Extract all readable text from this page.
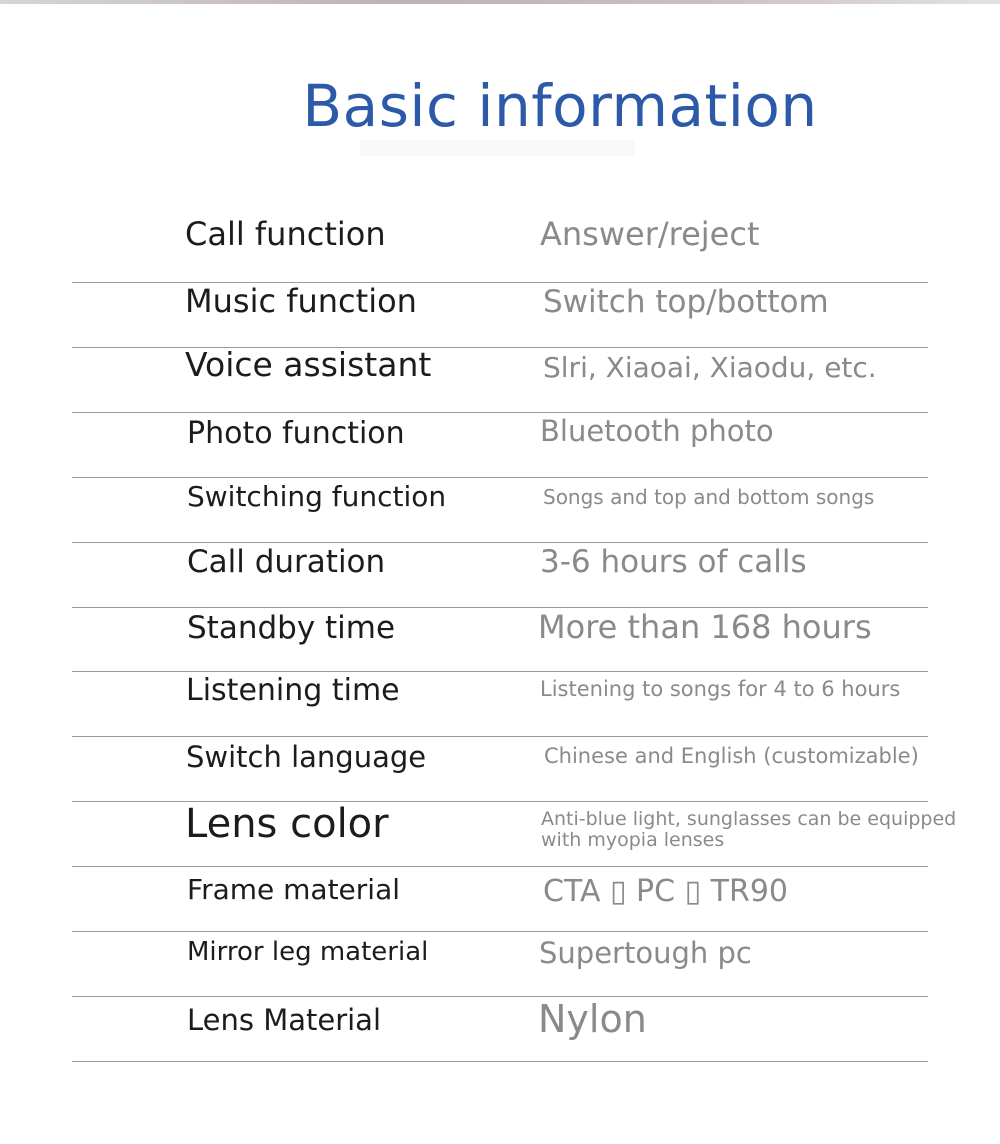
Basic information
Call function	Answer/reject
Music function	Switch top/bottom
Voice assistant	Slri, Xiaoai, Xiaodu, etc.
Photo function	Bluetooth photo
Switching function	Songs and top and bottom songs
Call duration	3-6 hours of calls
Standby time	More than 168 hours
Listening time	Listening to songs for 4 to 6 hours
Switch language	Chinese and English (customizable)
Lens color	Anti-blue light, sunglasses can be equipped with myopia lenses
Frame material	CTA ▯ PC ▯ TR90
Mirror leg material	Supertough pc
Lens Material	Nylon
